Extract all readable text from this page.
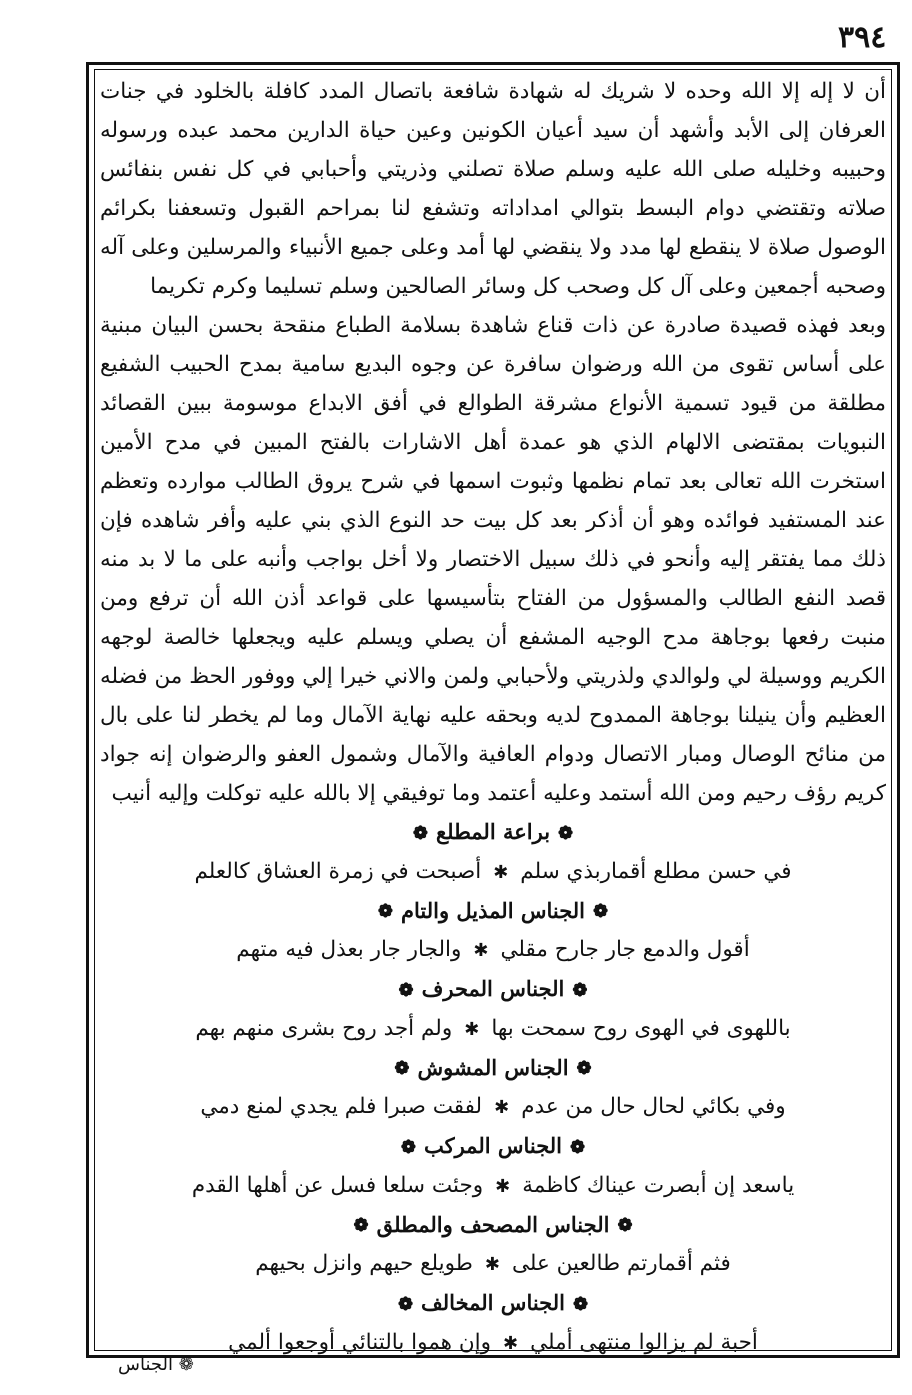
٣٩٤

أن لا إله إلا الله وحده لا شريك له شهادة شافعة باتصال المدد كافلة بالخلود في جنات العرفان إلى الأبد وأشهد أن سيد أعيان الكونين وعين حياة الدارين محمد عبده ورسوله وحبيبه وخليله صلى الله عليه وسلم صلاة تصلني وذريتي وأحبابي في كل نفس بنفائس صلاته وتقتضي دوام البسط بتوالي امداداته وتشفع لنا بمراحم القبول وتسعفنا بكرائم الوصول صلاة لا ينقطع لها مدد ولا ينقضي لها أمد وعلى جميع الأنبياء والمرسلين وعلى آله وصحبه أجمعين وعلى آل كل وصحب كل وسائر الصالحين وسلم تسليما وكرم تكريما

وبعد فهذه قصيدة صادرة عن ذات قناع شاهدة بسلامة الطباع منقحة بحسن البيان مبنية على أساس تقوى من الله ورضوان سافرة عن وجوه البديع سامية بمدح الحبيب الشفيع مطلقة من قيود تسمية الأنواع مشرقة الطوالع في أفق الابداع موسومة ببين القصائد النبويات بمقتضى الالهام الذي هو عمدة أهل الاشارات بالفتح المبين في مدح الأمين استخرت الله تعالى بعد تمام نظمها وثبوت اسمها في شرح يروق الطالب موارده وتعظم عند المستفيد فوائده وهو أن أذكر بعد كل بيت حد النوع الذي بني عليه وأفر شاهده فإن ذلك مما يفتقر إليه وأنحو في ذلك سبيل الاختصار ولا أخل بواجب وأنبه على ما لا بد منه قصد النفع الطالب والمسؤول من الفتاح بتأسيسها على قواعد أذن الله أن ترفع ومن منبت رفعها بوجاهة مدح الوجيه المشفع أن يصلي ويسلم عليه ويجعلها خالصة لوجهه الكريم ووسيلة لي ولوالدي ولذريتي ولأحبابي ولمن والاني خيرا إلي ووفور الحظ من فضله العظيم وأن ينيلنا بوجاهة الممدوح لديه وبحقه عليه نهاية الآمال وما لم يخطر لنا على بال من منائح الوصال ومبار الاتصال ودوام العافية والآمال وشمول العفو والرضوان إنه جواد كريم رؤف رحيم ومن الله أستمد وعليه أعتمد وما توفيقي إلا بالله عليه توكلت وإليه أنيب

❁براعة المطلع❁

في حسن مطلع أقماربذي سلم✱أصبحت في زمرة العشاق كالعلم

❁الجناس المذيل والتام❁

أقول والدمع جار جارح مقلي✱والجار جار بعذل فيه متهم

❁الجناس المحرف❁

باللهوى في الهوى روح سمحت بها✱ولم أجد روح بشرى منهم بهم

❁الجناس المشوش❁

وفي بكائي لحال حال من عدم✱لفقت صبرا فلم يجدي لمنع دمي

❁الجناس المركب❁

ياسعد إن أبصرت عيناك كاظمة✱وجئت سلعا فسل عن أهلها القدم

❁الجناس المصحف والمطلق❁

فثم أقمارتم طالعين على✱طويلع حيهم وانزل بحيهم

❁الجناس المخالف❁

أحبة لم يزالوا منتهى أملي✱وإن هموا بالتنائي أوجعوا ألمي

❁ الجناس
